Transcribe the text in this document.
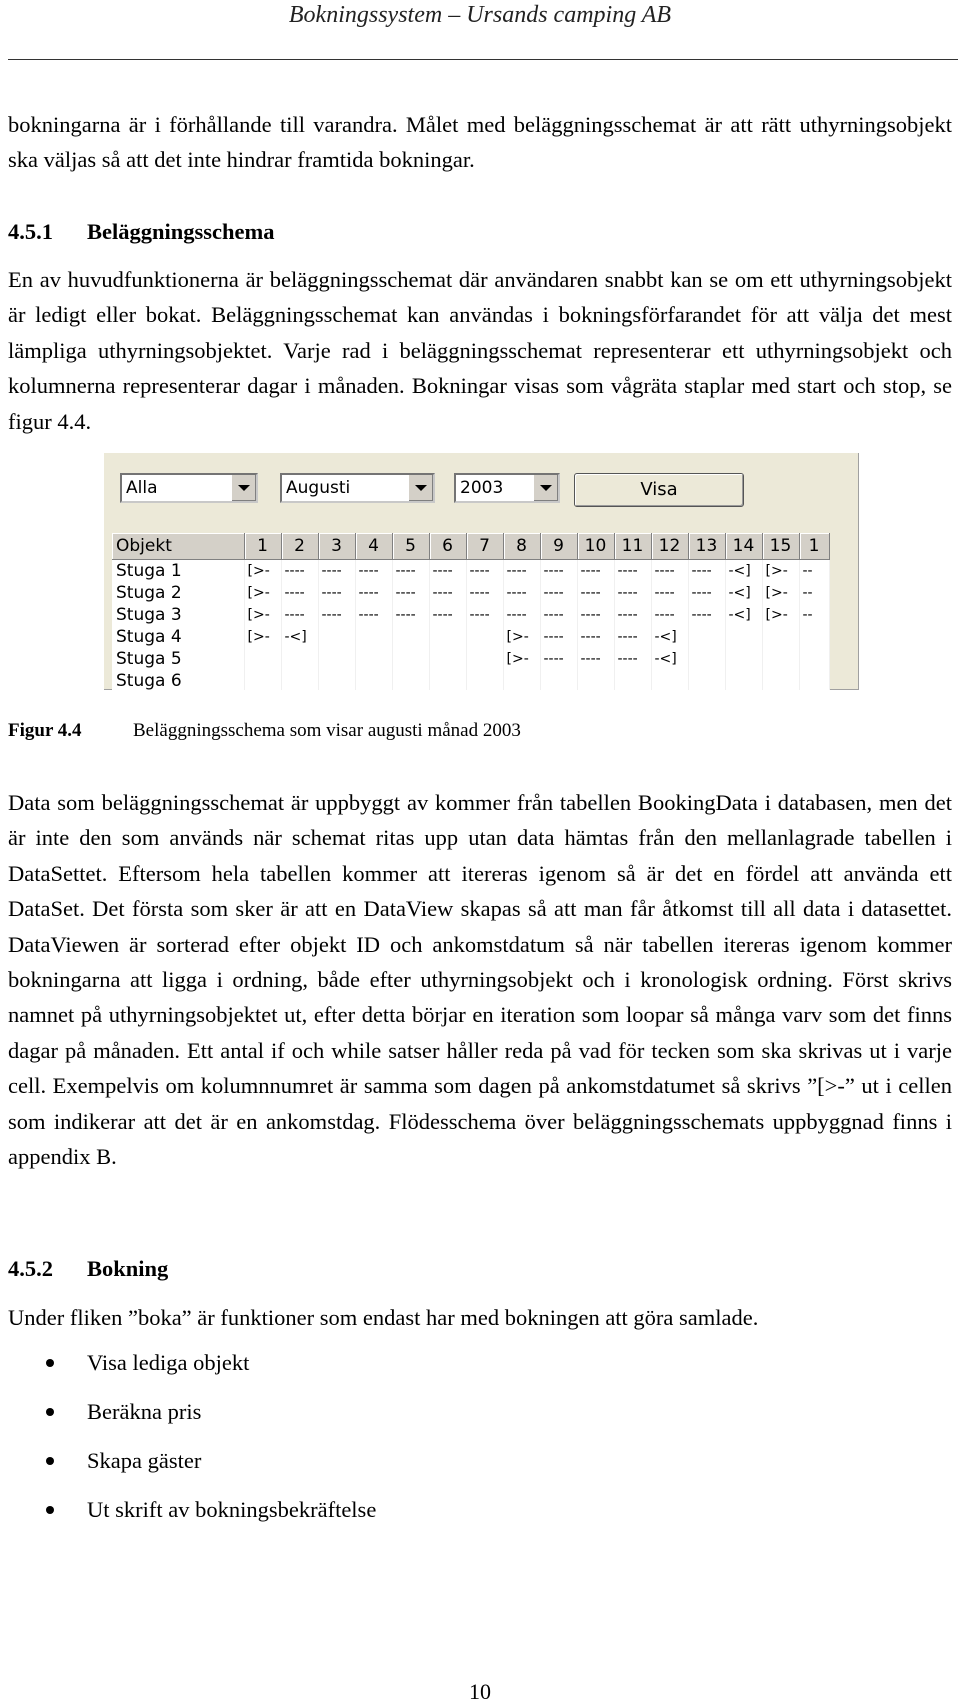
Bokningssystem – Ursands camping AB

bokningarna är i förhållande till varandra. Målet med beläggningsschemat är att rätt uthyrningsobjekt ska väljas så att det inte hindrar framtida bokningar.

4.5.1 Beläggningsschema

En av huvudfunktionerna är beläggningsschemat där användaren snabbt kan se om ett uthyrningsobjekt är ledigt eller bokat. Beläggningsschemat kan användas i bokningsförfarandet för att välja det mest lämpliga uthyrningsobjektet. Varje rad i beläggningsschemat representerar ett uthyrningsobjekt och kolumnerna representerar dagar i månaden. Bokningar visas som vågräta staplar med start och stop, se figur 4.4.

Alla	Augusti	2003	Visa
Objekt	1	2	3	4	5	6	7	8	9	10	11	12	13	14	15	1
Stuga 1	[>-	----	----	----	----	----	----	----	----	----	----	----	----	-<]	[>-	--
Stuga 2	[>-	----	----	----	----	----	----	----	----	----	----	----	----	-<]	[>-	--
Stuga 3	[>-	----	----	----	----	----	----	----	----	----	----	----	----	-<]	[>-	--
Stuga 4	[>-	-<]						[>-	----	----	----	-<]				
Stuga 5								[>-	----	----	----	-<]				
Stuga 6																

Figur 4.4	Beläggningsschema som visar augusti månad 2003

Data som beläggningsschemat är uppbyggt av kommer från tabellen BookingData i databasen, men det är inte den som används när schemat ritas upp utan data hämtas från den mellanlagrade tabellen i DataSettet. Eftersom hela tabellen kommer att itereras igenom så är det en fördel att använda ett DataSet. Det första som sker är att en DataView skapas så att man får åtkomst till all data i datasettet. DataViewen är sorterad efter objekt ID och ankomstdatum så när tabellen itereras igenom kommer bokningarna att ligga i ordning, både efter uthyrningsobjekt och i kronologisk ordning. Först skrivs namnet på uthyrningsobjektet ut, efter detta börjar en iteration som loopar så många varv som det finns dagar på månaden. Ett antal if och while satser håller reda på vad för tecken som ska skrivas ut i varje cell. Exempelvis om kolumnnumret är samma som dagen på ankomstdatumet så skrivs ”[>-” ut i cellen som indikerar att det är en ankomstdag. Flödesschema över beläggningsschemats uppbyggnad finns i appendix B.

4.5.2 Bokning

Under fliken ”boka” är funktioner som endast har med bokningen att göra samlade.

Visa lediga objekt
Beräkna pris
Skapa gäster
Ut skrift av bokningsbekräftelse
10
